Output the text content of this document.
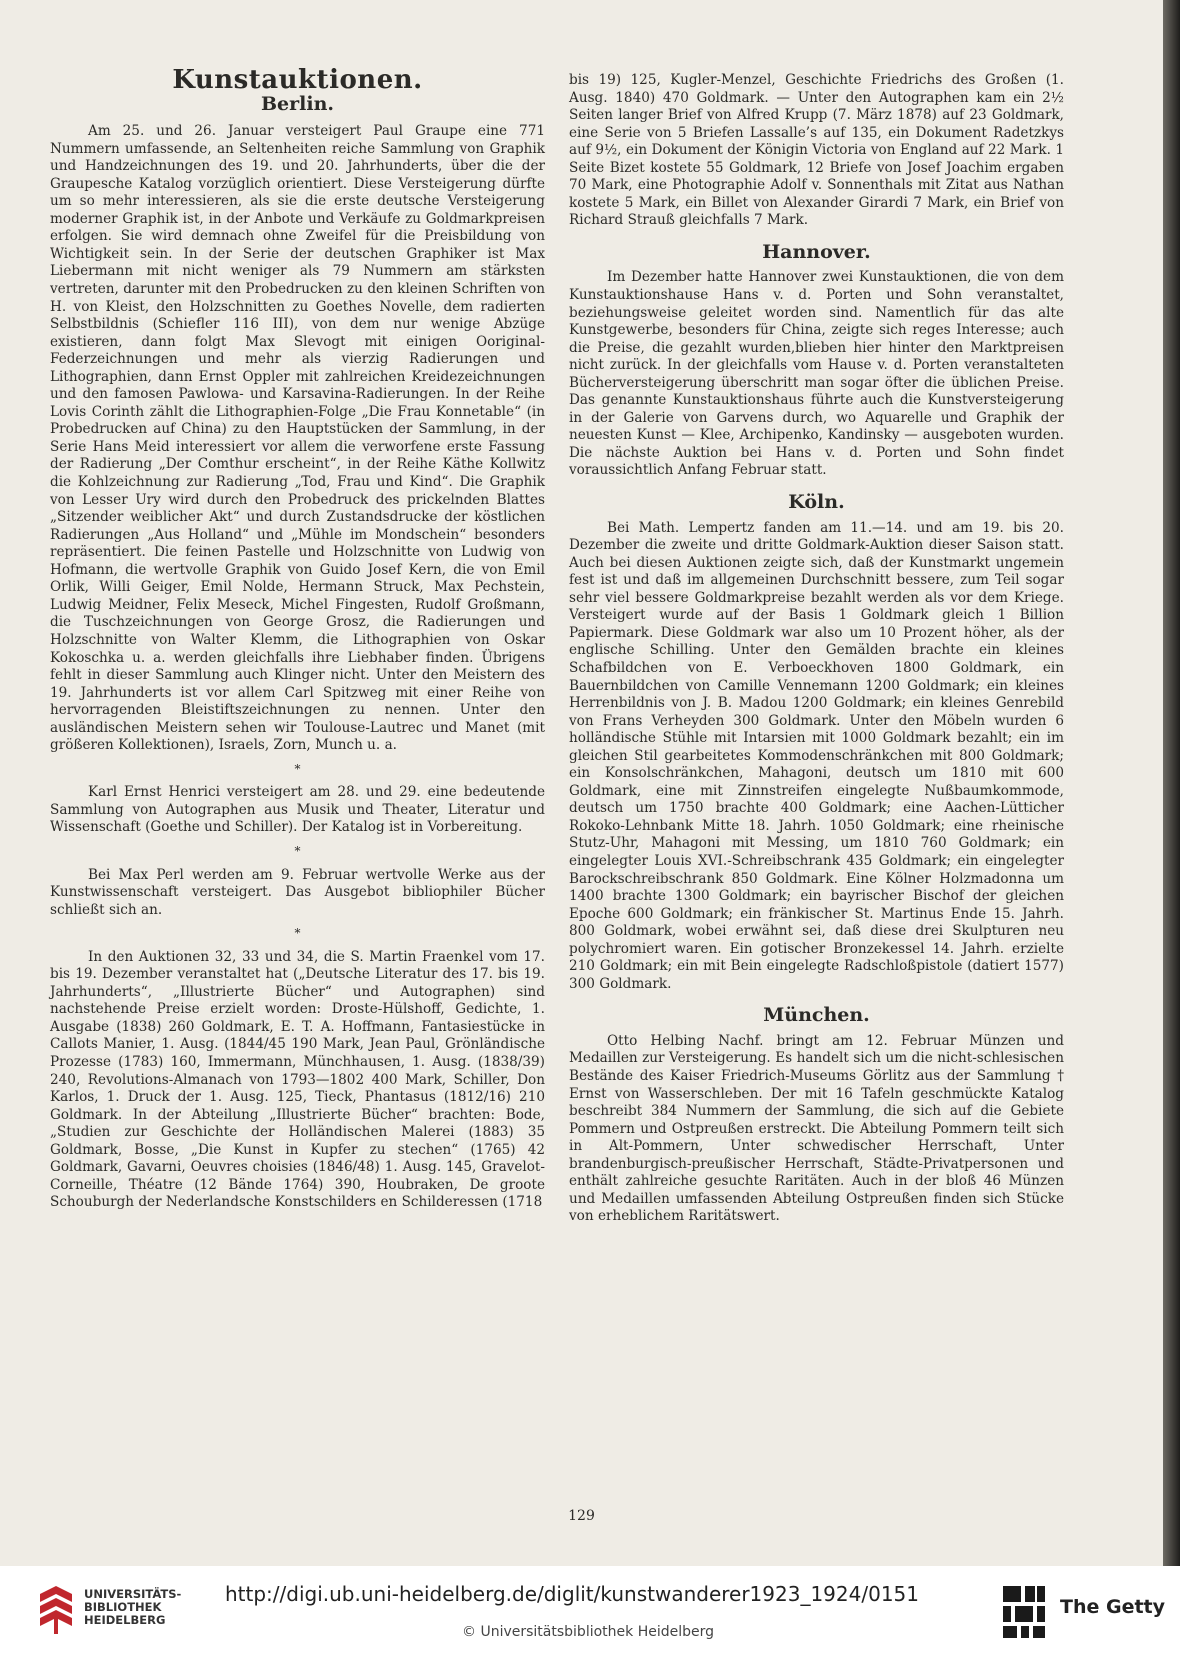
Kunstauktionen.
Berlin.

Am 25. und 26. Januar versteigert Paul Graupe eine 771 Nummern umfassende, an Seltenheiten reiche Sammlung von Graphik und Handzeichnungen des 19. und 20. Jahrhunderts, über die der Graupesche Katalog vorzüglich orientiert. Diese Versteigerung dürfte um so mehr interessieren, als sie die erste deutsche Versteigerung moderner Graphik ist, in der Anbote und Verkäufe zu Goldmarkpreisen erfolgen. Sie wird demnach ohne Zweifel für die Preisbildung von Wichtigkeit sein. In der Serie der deutschen Graphiker ist Max Liebermann mit nicht weniger als 79 Nummern am stärksten vertreten, darunter mit den Probedrucken zu den kleinen Schriften von H. von Kleist, den Holzschnitten zu Goethes Novelle, dem radierten Selbstbildnis (Schiefler 116 III), von dem nur wenige Abzüge existieren, dann folgt Max Slevogt mit einigen Ooriginal-Federzeichnungen und mehr als vierzig Radierungen und Lithographien, dann Ernst Oppler mit zahlreichen Kreidezeichnungen und den famosen Pawlowa- und Karsavina-Radierungen. In der Reihe Lovis Corinth zählt die Lithographien-Folge „Die Frau Konnetable“ (in Probedrucken auf China) zu den Hauptstücken der Sammlung, in der Serie Hans Meid interessiert vor allem die verworfene erste Fassung der Radierung „Der Comthur erscheint“, in der Reihe Käthe Kollwitz die Kohlzeichnung zur Radierung „Tod, Frau und Kind“. Die Graphik von Lesser Ury wird durch den Probedruck des prickelnden Blattes „Sitzender weiblicher Akt“ und durch Zustandsdrucke der köstlichen Radierungen „Aus Holland“ und „Mühle im Mondschein“ besonders repräsentiert. Die feinen Pastelle und Holzschnitte von Ludwig von Hofmann, die wertvolle Graphik von Guido Josef Kern, die von Emil Orlik, Willi Geiger, Emil Nolde, Hermann Struck, Max Pechstein, Ludwig Meidner, Felix Meseck, Michel Fingesten, Rudolf Großmann, die Tuschzeichnungen von George Grosz, die Radierungen und Holzschnitte von Walter Klemm, die Lithographien von Oskar Kokoschka u. a. werden gleichfalls ihre Liebhaber finden. Übrigens fehlt in dieser Sammlung auch Klinger nicht. Unter den Meistern des 19. Jahrhunderts ist vor allem Carl Spitzweg mit einer Reihe von hervorragenden Bleistiftszeichnungen zu nennen. Unter den ausländischen Meistern sehen wir Toulouse-Lautrec und Manet (mit größeren Kollektionen), Israels, Zorn, Munch u. a.

*

Karl Ernst Henrici versteigert am 28. und 29. eine bedeutende Sammlung von Autographen aus Musik und Theater, Literatur und Wissenschaft (Goethe und Schiller). Der Katalog ist in Vorbereitung.

*

Bei Max Perl werden am 9. Februar wertvolle Werke aus der Kunstwissenschaft versteigert. Das Ausgebot bibliophiler Bücher schließt sich an.

*

In den Auktionen 32, 33 und 34, die S. Martin Fraenkel vom 17. bis 19. Dezember veranstaltet hat („Deutsche Literatur des 17. bis 19. Jahrhunderts“, „Illustrierte Bücher“ und Autographen) sind nachstehende Preise erzielt worden: Droste-Hülshoff, Gedichte, 1. Ausgabe (1838) 260 Goldmark, E. T. A. Hoffmann, Fantasiestücke in Callots Manier, 1. Ausg. (1844/45 190 Mark, Jean Paul, Grönländische Prozesse (1783) 160, Immermann, Münchhausen, 1. Ausg. (1838/39) 240, Revolutions-Almanach von 1793—1802 400 Mark, Schiller, Don Karlos, 1. Druck der 1. Ausg. 125, Tieck, Phantasus (1812/16) 210 Goldmark. In der Abteilung „Illustrierte Bücher“ brachten: Bode, „Studien zur Geschichte der Holländischen Malerei (1883) 35 Goldmark, Bosse, „Die Kunst in Kupfer zu stechen“ (1765) 42 Goldmark, Gavarni, Oeuvres choisies (1846/48) 1. Ausg. 145, Gravelot-Corneille, Théatre (12 Bände 1764) 390, Houbraken, De groote Schouburgh der Nederlandsche Konstschilders en Schilderessen (1718

bis 19) 125, Kugler-Menzel, Geschichte Friedrichs des Großen (1. Ausg. 1840) 470 Goldmark. — Unter den Autographen kam ein 2½ Seiten langer Brief von Alfred Krupp (7. März 1878) auf 23 Goldmark, eine Serie von 5 Briefen Lassalle’s auf 135, ein Dokument Radetzkys auf 9½, ein Dokument der Königin Victoria von England auf 22 Mark. 1 Seite Bizet kostete 55 Goldmark, 12 Briefe von Josef Joachim ergaben 70 Mark, eine Photographie Adolf v. Sonnenthals mit Zitat aus Nathan kostete 5 Mark, ein Billet von Alexander Girardi 7 Mark, ein Brief von Richard Strauß gleichfalls 7 Mark.

Hannover.

Im Dezember hatte Hannover zwei Kunstauktionen, die von dem Kunstauktionshause Hans v. d. Porten und Sohn veranstaltet, beziehungsweise geleitet worden sind. Namentlich für das alte Kunstgewerbe, besonders für China, zeigte sich reges Interesse; auch die Preise, die gezahlt wurden,blieben hier hinter den Marktpreisen nicht zurück. In der gleichfalls vom Hause v. d. Porten veranstalteten Bücherversteigerung überschritt man sogar öfter die üblichen Preise. Das genannte Kunstauktionshaus führte auch die Kunstversteigerung in der Galerie von Garvens durch, wo Aquarelle und Graphik der neuesten Kunst — Klee, Archipenko, Kandinsky — ausgeboten wurden. Die nächste Auktion bei Hans v. d. Porten und Sohn findet voraussichtlich Anfang Februar statt.

Köln.

Bei Math. Lempertz fanden am 11.—14. und am 19. bis 20. Dezember die zweite und dritte Goldmark-Auktion dieser Saison statt. Auch bei diesen Auktionen zeigte sich, daß der Kunstmarkt ungemein fest ist und daß im allgemeinen Durchschnitt bessere, zum Teil sogar sehr viel bessere Goldmarkpreise bezahlt werden als vor dem Kriege. Versteigert wurde auf der Basis 1 Goldmark gleich 1 Billion Papiermark. Diese Goldmark war also um 10 Prozent höher, als der englische Schilling. Unter den Gemälden brachte ein kleines Schafbildchen von E. Verboeckhoven 1800 Goldmark, ein Bauernbildchen von Camille Vennemann 1200 Goldmark; ein kleines Herrenbildnis von J. B. Madou 1200 Goldmark; ein kleines Genrebild von Frans Verheyden 300 Goldmark. Unter den Möbeln wurden 6 holländische Stühle mit Intarsien mit 1000 Goldmark bezahlt; ein im gleichen Stil gearbeitetes Kommodenschränkchen mit 800 Goldmark; ein Konsolschränkchen, Mahagoni, deutsch um 1810 mit 600 Goldmark, eine mit Zinnstreifen eingelegte Nußbaumkommode, deutsch um 1750 brachte 400 Goldmark; eine Aachen-Lütticher Rokoko-Lehnbank Mitte 18. Jahrh. 1050 Goldmark; eine rheinische Stutz-Uhr, Mahagoni mit Messing, um 1810 760 Goldmark; ein eingelegter Louis XVI.-Schreibschrank 435 Goldmark; ein eingelegter Barockschreibschrank 850 Goldmark. Eine Kölner Holzmadonna um 1400 brachte 1300 Goldmark; ein bayrischer Bischof der gleichen Epoche 600 Goldmark; ein fränkischer St. Martinus Ende 15. Jahrh. 800 Goldmark, wobei erwähnt sei, daß diese drei Skulpturen neu polychromiert waren. Ein gotischer Bronzekessel 14. Jahrh. erzielte 210 Goldmark; ein mit Bein eingelegte Radschloßpistole (datiert 1577) 300 Goldmark.

München.

Otto Helbing Nachf. bringt am 12. Februar Münzen und Medaillen zur Versteigerung. Es handelt sich um die nicht-schlesischen Bestände des Kaiser Friedrich-Museums Görlitz aus der Sammlung † Ernst von Wasserschleben. Der mit 16 Tafeln geschmückte Katalog beschreibt 384 Nummern der Sammlung, die sich auf die Gebiete Pommern und Ostpreußen erstreckt. Die Abteilung Pommern teilt sich in Alt-Pommern, Unter schwedischer Herrschaft, Unter brandenburgisch-preußischer Herrschaft, Städte-Privatpersonen und enthält zahlreiche gesuchte Raritäten. Auch in der bloß 46 Münzen und Medaillen umfassenden Abteilung Ostpreußen finden sich Stücke von erheblichem Raritätswert.

129
UNIVERSITÄTS-
BIBLIOTHEK
HEIDELBERG
http://digi.ub.uni-heidelberg.de/diglit/kunstwanderer1923_1924/0151
© Universitätsbibliothek Heidelberg
The Getty
